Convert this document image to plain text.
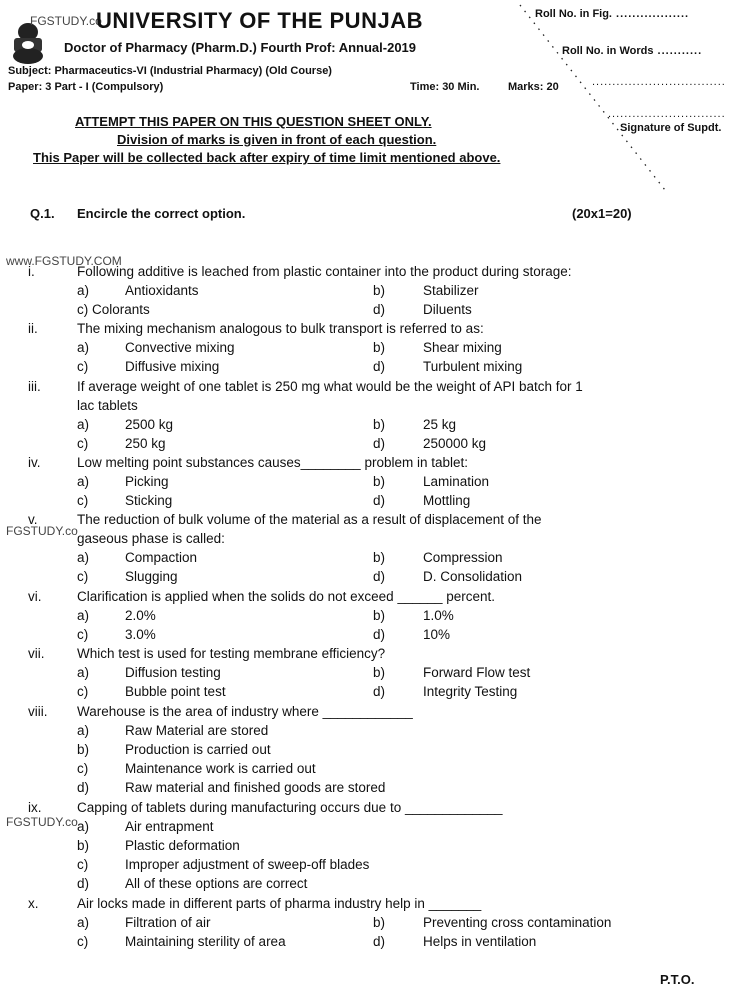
FGSTUDY.co
UNIVERSITY OF THE PUNJAB
Doctor of Pharmacy (Pharm.D.) Fourth Prof: Annual-2019
Subject: Pharmaceutics-VI (Industrial Pharmacy) (Old Course)
Paper: 3 Part - I (Compulsory)	Time: 30 Min.	Marks: 20
Roll No. in Fig. ..................
Roll No. in Words ...........
.................................
.............................
Signature of Supdt.
ATTEMPT THIS PAPER ON THIS QUESTION SHEET ONLY.
Division of marks is given in front of each question.
This Paper will be collected back after expiry of time limit mentioned above.
Q.1. Encircle the correct option.	(20x1=20)
www.FGSTUDY.COM
FGSTUDY.co
FGSTUDY.co
i.	Following additive is leached from plastic container into the product during storage:
a)	Antioxidants	b)	Stabilizer
c) Colorants	d)	Diluents
ii.	The mixing mechanism analogous to bulk transport is referred to as:
a)	Convective mixing	b)	Shear mixing
c)	Diffusive mixing	d)	Turbulent mixing
iii.	If average weight of one tablet is 250 mg what would be the weight of API batch for 1
lac tablets
a)	2500 kg	b)	25 kg
c)	250 kg	d)	250000 kg
iv.	Low melting point substances causes________ problem in tablet:
a)	Picking	b)	Lamination
c)	Sticking	d)	Mottling
v.	The reduction of bulk volume of the material as a result of displacement of the
gaseous phase is called:
a)	Compaction	b)	Compression
c)	Slugging	d)	D. Consolidation
vi.	Clarification is applied when the solids do not exceed ______ percent.
a)	2.0%	b)	1.0%
c)	3.0%	d)	10%
vii. Which test is used for testing membrane efficiency?
a)	Diffusion testing	b)	Forward Flow test
c)	Bubble point test	d)	Integrity Testing
viii. Warehouse is the area of industry where ____________
a)	Raw Material are stored
b)	Production is carried out
c)	Maintenance work is carried out
d)	Raw material and finished goods are stored
ix.	Capping of tablets during manufacturing occurs due to _____________
a)	Air entrapment
b)	Plastic deformation
c)	Improper adjustment of sweep-off blades
d)	All of these options are correct
x.	Air locks made in different parts of pharma industry help in _______
a)	Filtration of air	b)	Preventing cross contamination
c)	Maintaining sterility of area	d)	Helps in ventilation
P.T.O.
